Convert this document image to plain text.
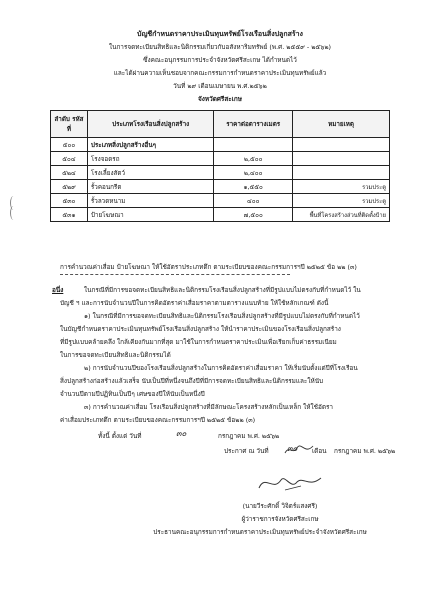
บัญชีกำหนดราคาประเมินทุนทรัพย์โรงเรือนสิ่งปลูกสร้าง
ในการจดทะเบียนสิทธิและนิติกรรมเกี่ยวกับอสังหาริมทรัพย์ (พ.ศ. ๒๕๕๙ - ๒๕๖๒)
ซึ่งคณะอนุกรรมการประจำจังหวัดศรีสะเกษ ได้กำหนดไว้
และได้ผ่านความเห็นชอบจากคณะกรรมการกำหนดราคาประเมินทุนทรัพย์แล้ว
วันที่ ๒๙ เดือนเมษายน พ.ศ.๒๕๖๒
จังหวัดศรีสะเกษ
ลำดับ รหัสที่	ประเภทโรงเรือนสิ่งปลูกสร้าง	ราคาต่อตารางเมตร	หมายเหตุ
๕๐๐	ประเภทสิ่งปลูกสร้างอื่นๆ		
๕๐๔	โรงจอดรถ	๒,๕๐๐	
๕๒๔	โรงเลี้ยงสัตว์	๒,๔๐๐	
๕๒๙	รั้วคอนกรีต	๑,๕๕๐	รวมประตู
๕๓๐	รั้วลวดหนาม	๔๐๐	รวมประตู
๕๓๑	ป้ายโฆษณา	๗,๕๐๐	พื้นที่โครงสร้างส่วนที่ติดตั้งป้าย
การคำนวณค่าเสื่อม ป้ายโฆษณา ให้ใช้อัตราประเภทตึก ตามระเบียบของคณะกรรมการฯปี ๒๕๒๕ ข้อ ๒๒ (๓)
อนึ่ง	ในกรณีที่มีการขอจดทะเบียนสิทธิและนิติกรรมโรงเรือนสิ่งปลูกสร้างที่มีรูปแบบไม่ตรงกับที่กำหนดไว้ ใน
บัญชี ฯ และการนับจำนวนปีในการคิดอัตราค่าเสื่อมราคาตามตารางแนบท้าย ให้ใช้หลักเกณฑ์ ดังนี้
๑) ในกรณีที่มีการขอจดทะเบียนสิทธิและนิติกรรมโรงเรือนสิ่งปลูกสร้างที่มีรูปแบบไม่ตรงกับที่กำหนดไว้
ในบัญชีกำหนดราคาประเมินทุนทรัพย์โรงเรือนสิ่งปลูกสร้าง ให้นำราคาประเมินของโรงเรือนสิ่งปลูกสร้าง
ที่มีรูปแบบคล้ายคลึง ใกล้เคียงกันมากที่สุด มาใช้ในการกำหนดราคาประเมินเพื่อเรียกเก็บค่าธรรมเนียม
ในการขอจดทะเบียนสิทธิและนิติกรรมได้
๒) การนับจำนวนปีของโรงเรือนสิ่งปลูกสร้างในการคิดอัตราค่าเสื่อมราคา ให้เริ่มนับตั้งแต่ปีที่โรงเรือน
สิ่งปลูกสร้างก่อสร้างแล้วเสร็จ นับเป็นปีที่หนึ่งจนถึงปีที่มีการจดทะเบียนสิทธิและนิติกรรมและให้นับ
จำนวนปีตามปีปฏิทินเป็นปีๆ เศษของปีให้นับเป็นหนึ่งปี
๓) การคำนวณค่าเสื่อม โรงเรือนสิ่งปลูกสร้างที่มีลักษณะโครงสร้างหลักเป็นเหล็ก ให้ใช้อัตรา
ค่าเสื่อมประเภทตึก ตามระเบียบของคณะกรรมการฯปี ๒๕๒๕ ข้อ๒๒ (๓)
ทั้งนี้ ตั้งแต่ วันที่	๓๐	กรกฎาคม พ.ศ. ๒๕๖๒
ประกาศ ณ วันที่ ๓๐ เดือน กรกฎาคม พ.ศ. ๒๕๖๒
(นายวีระศักดิ์ วิจิตร์แสงศรี)
ผู้ว่าราชการจังหวัดศรีสะเกษ
ประธานคณะอนุกรรมการกำหนดราคาประเมินทุนทรัพย์ประจำจังหวัดศรีสะเกษ
